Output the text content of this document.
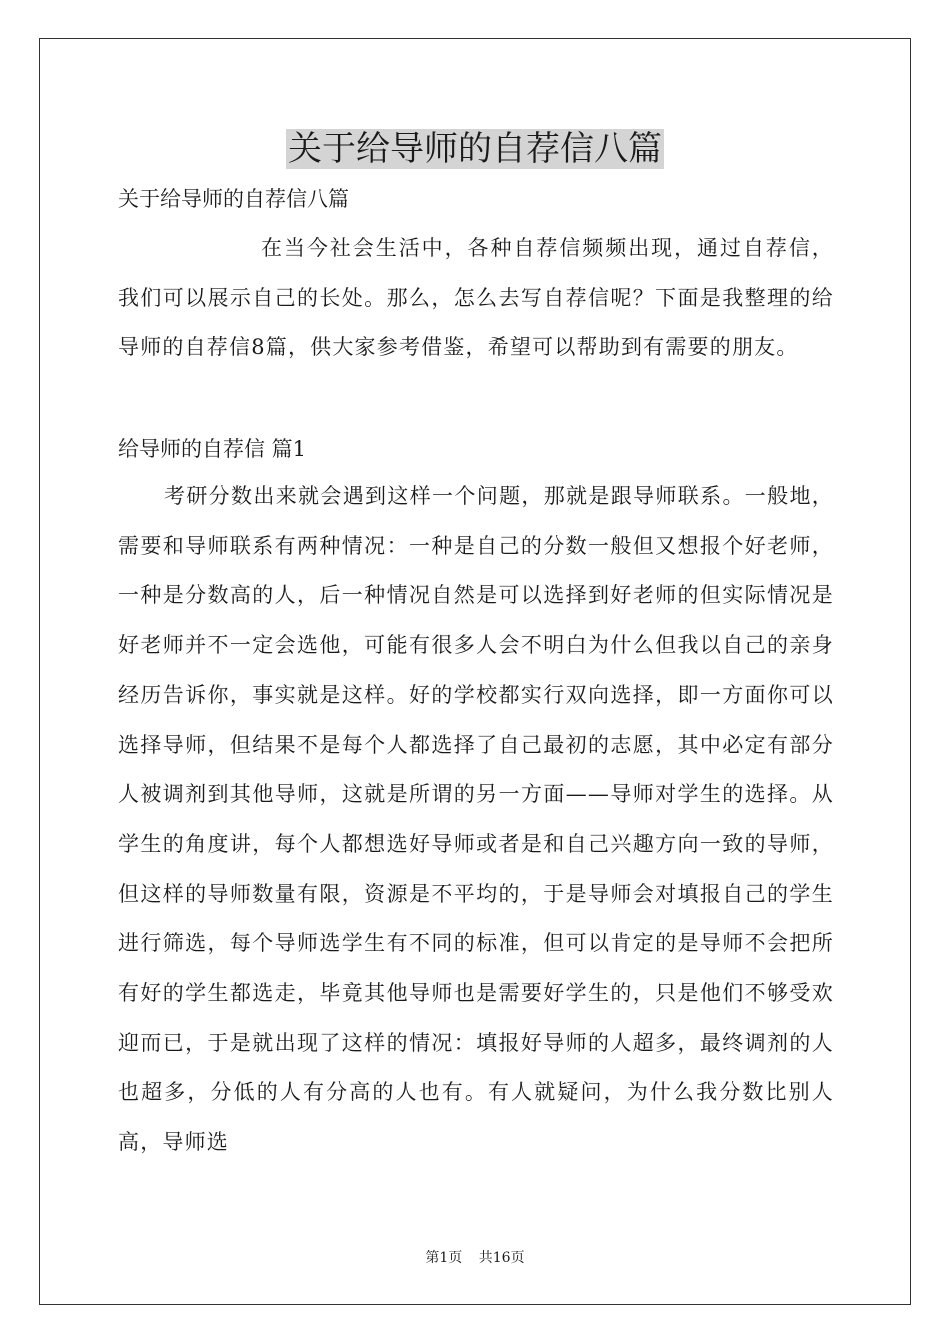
关于给导师的自荐信八篇
关于给导师的自荐信八篇

在当今社会生活中，各种自荐信频频出现，通过自荐信，我们可以展示自己的长处。那么，怎么去写自荐信呢？下面是我整理的给导师的自荐信8篇，供大家参考借鉴，希望可以帮助到有需要的朋友。

给导师的自荐信 篇1

考研分数出来就会遇到这样一个问题，那就是跟导师联系。一般地，需要和导师联系有两种情况：一种是自己的分数一般但又想报个好老师，一种是分数高的人，后一种情况自然是可以选择到好老师的但实际情况是好老师并不一定会选他，可能有很多人会不明白为什么但我以自己的亲身经历告诉你，事实就是这样。好的学校都实行双向选择，即一方面你可以选择导师，但结果不是每个人都选择了自己最初的志愿，其中必定有部分人被调剂到其他导师，这就是所谓的另一方面——导师对学生的选择。从学生的角度讲，每个人都想选好导师或者是和自己兴趣方向一致的导师，但这样的导师数量有限，资源是不平均的，于是导师会对填报自己的学生进行筛选，每个导师选学生有不同的标准，但可以肯定的是导师不会把所有好的学生都选走，毕竟其他导师也是需要好学生的，只是他们不够受欢迎而已，于是就出现了这样的情况：填报好导师的人超多，最终调剂的人也超多，分低的人有分高的人也有。有人就疑问，为什么我分数比别人高，导师选

第1页 共16页
